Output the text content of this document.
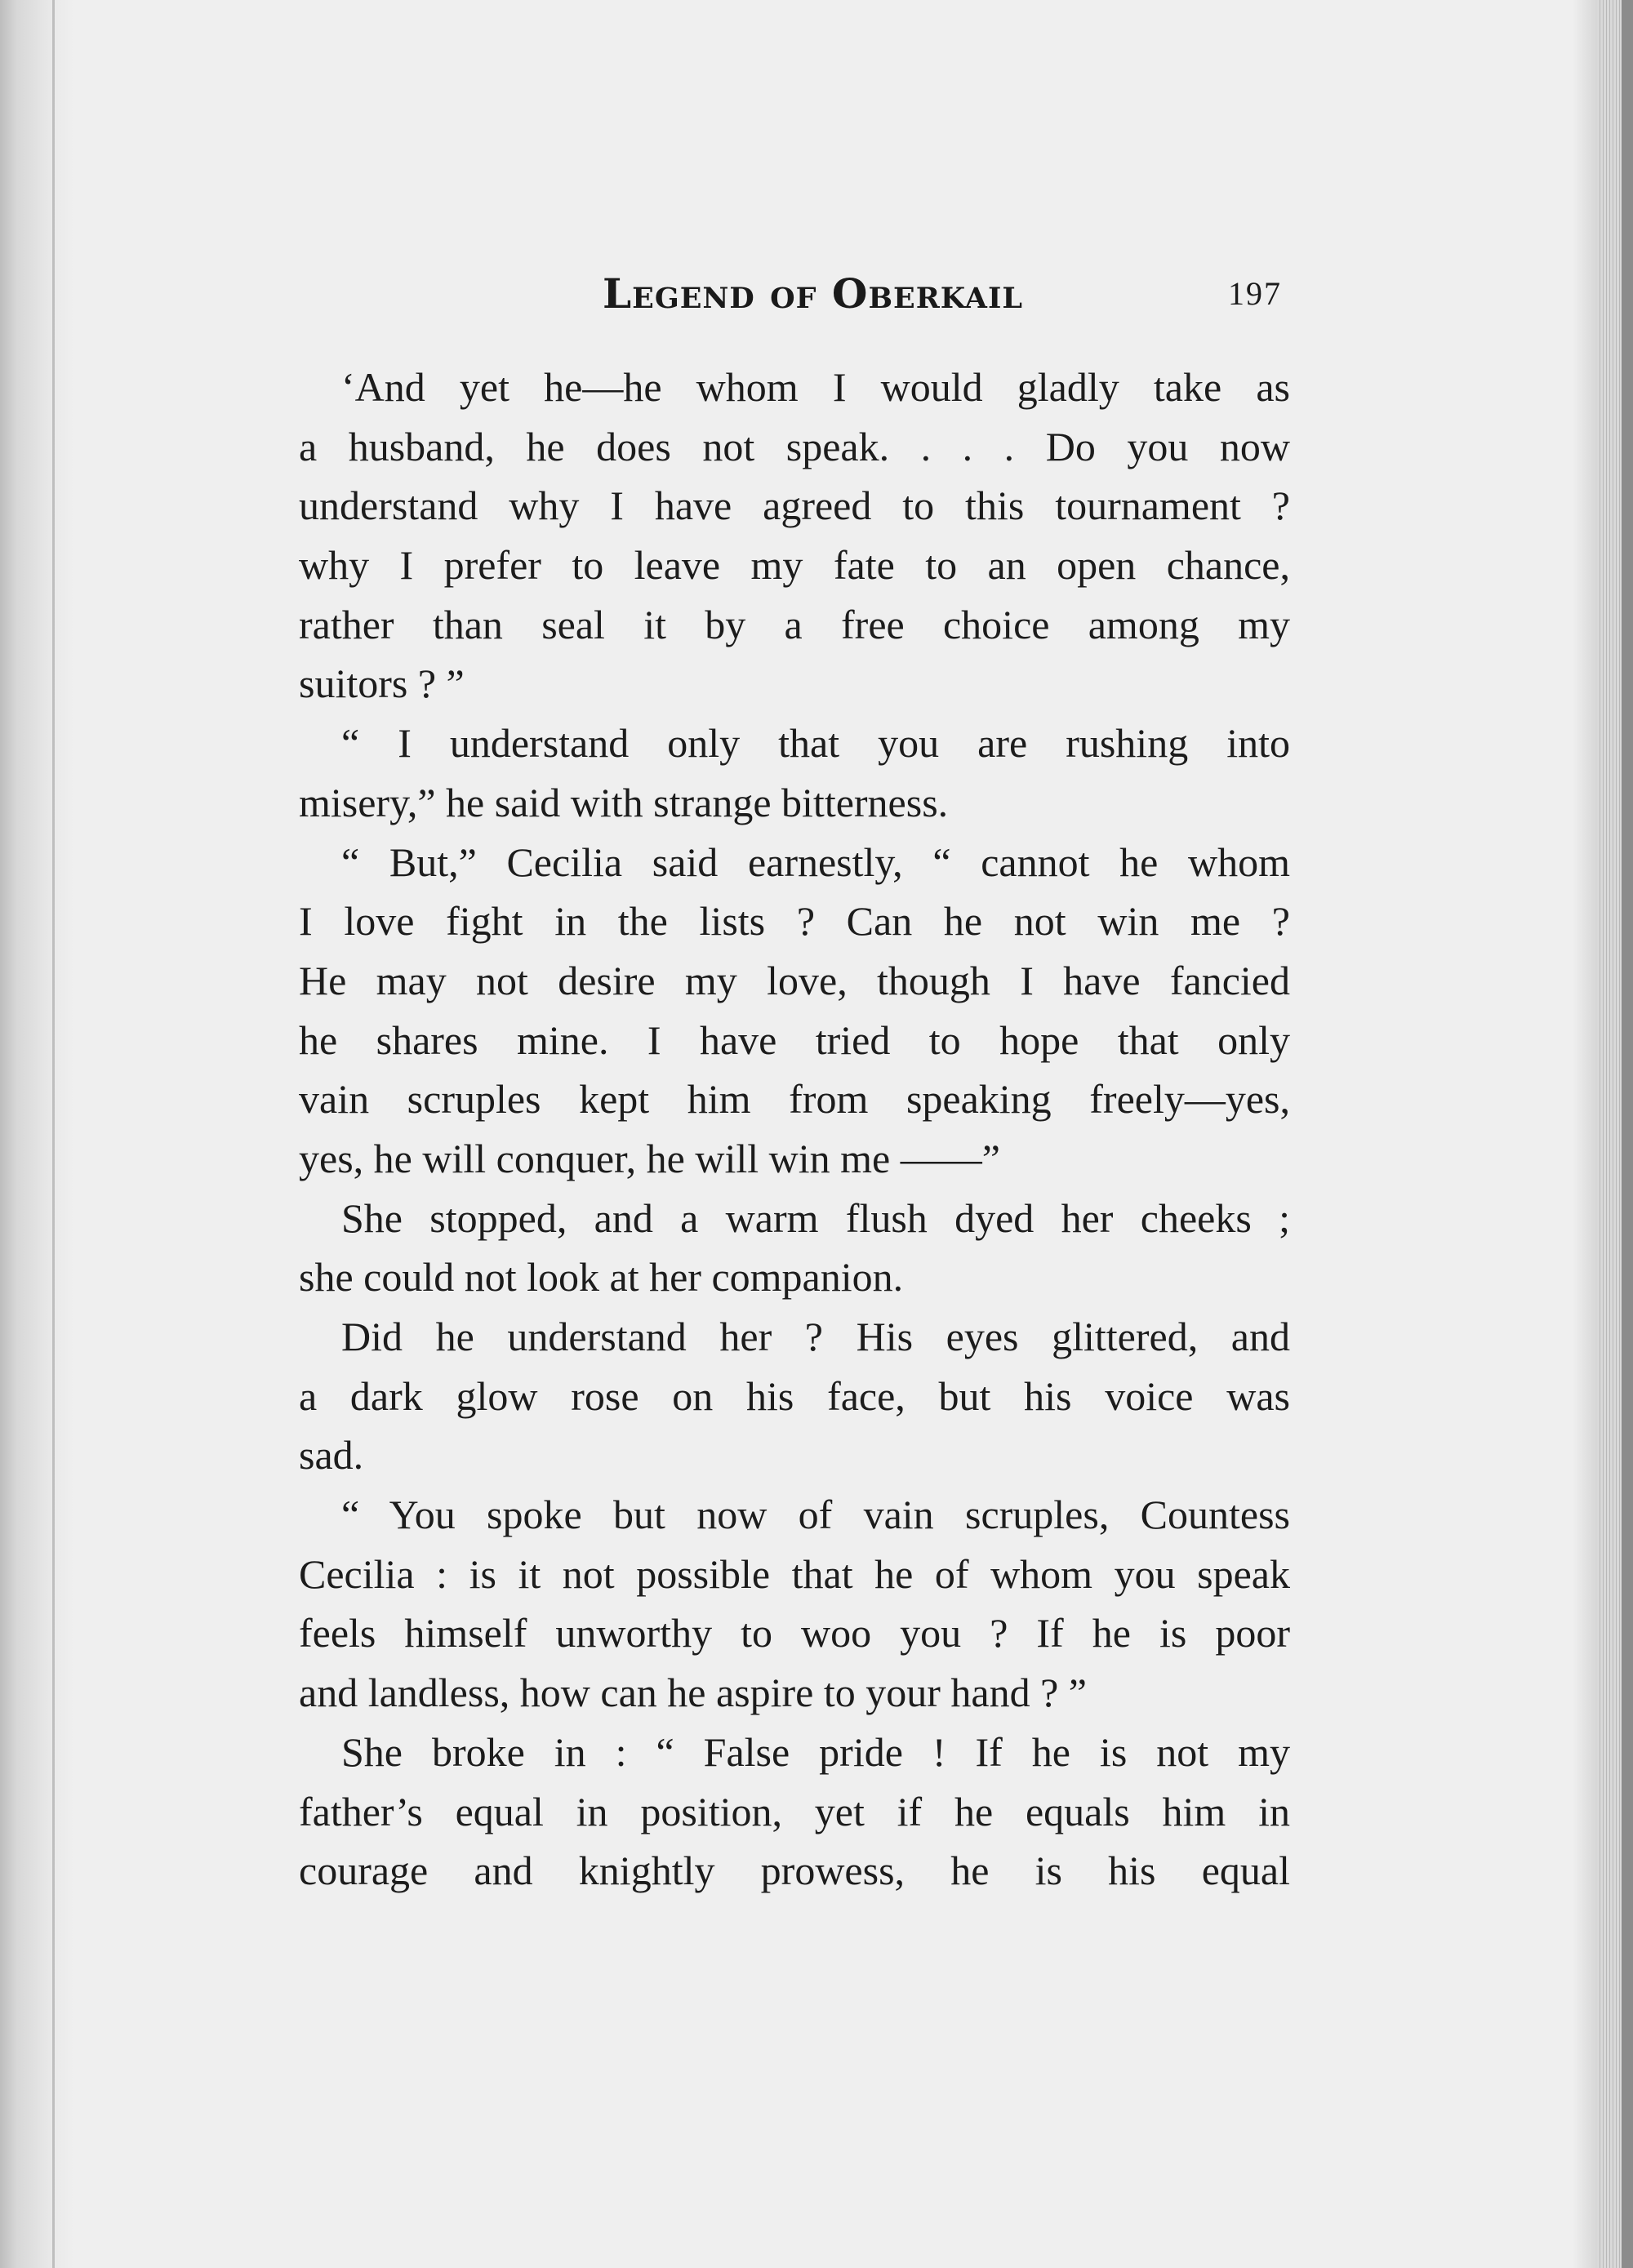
Legend of Oberkail	197
‘And yet he—he whom I would gladly take as
a husband, he does not speak. . . . Do you now
understand why I have agreed to this tournament ?
why I prefer to leave my fate to an open chance,
rather than seal it by a free choice among my
suitors ? ”
“ I understand only that you are rushing into
misery,” he said with strange bitterness.
“ But,” Cecilia said earnestly, “ cannot he whom
I love fight in the lists ? Can he not win me ?
He may not desire my love, though I have fancied
he shares mine. I have tried to hope that only
vain scruples kept him from speaking freely—yes,
yes, he will conquer, he will win me ——”
She stopped, and a warm flush dyed her cheeks ;
she could not look at her companion.
Did he understand her ? His eyes glittered, and
a dark glow rose on his face, but his voice was
sad.
“ You spoke but now of vain scruples, Countess
Cecilia : is it not possible that he of whom you speak
feels himself unworthy to woo you ? If he is poor
and landless, how can he aspire to your hand ? ”
She broke in : “ False pride ! If he is not my
father’s equal in position, yet if he equals him in
courage and knightly prowess, he is his equal
